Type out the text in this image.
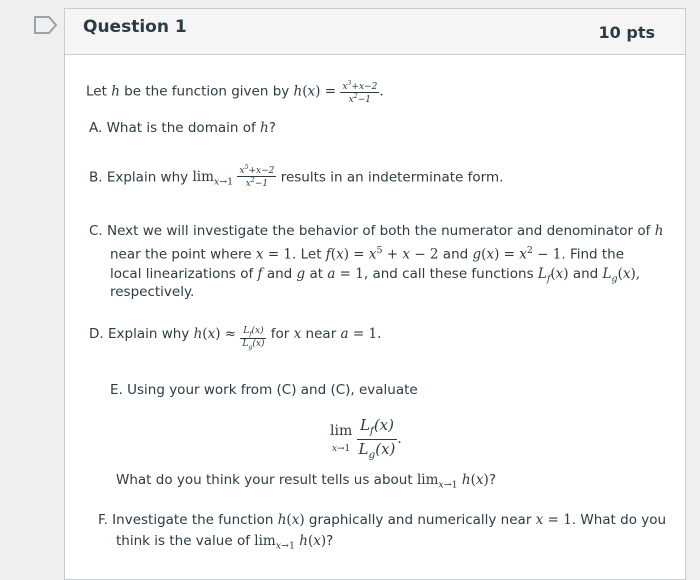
Question 1	10 pts
Let h be the function given by $h(x) = \frac{x^3+x-2}{x^2-1}$ .
A. What is the domain of h?
B. Explain why $\lim_{x\to 1} \frac{x^5+x-2}{x^2-1}$ results in an indeterminate form.
C. Next we will investigate the behavior of both the numerator and denominator of h
near the point where x = 1. Let $f(x) = x^5 + x - 2$ and $g(x) = x^2 - 1$. Find the
local linearizations of f and g at a = 1, and call these functions $L_f(x)$ and $L_g(x)$,
respectively.
D. Explain why $h(x) \approx \frac{L_f(x)}{L_g(x)}$ for x near a = 1.
E. Using your work from (C) and (C), evaluate
lim
$x\to 1 \frac{L_f(x)}{L_g(x)}$ .
What do you think your result tells us about $\lim_{x\to 1} h(x)$?
F. Investigate the function h(x) graphically and numerically near x = 1. What do you
think is the value of $\lim_{x\to 1} h(x)$?
